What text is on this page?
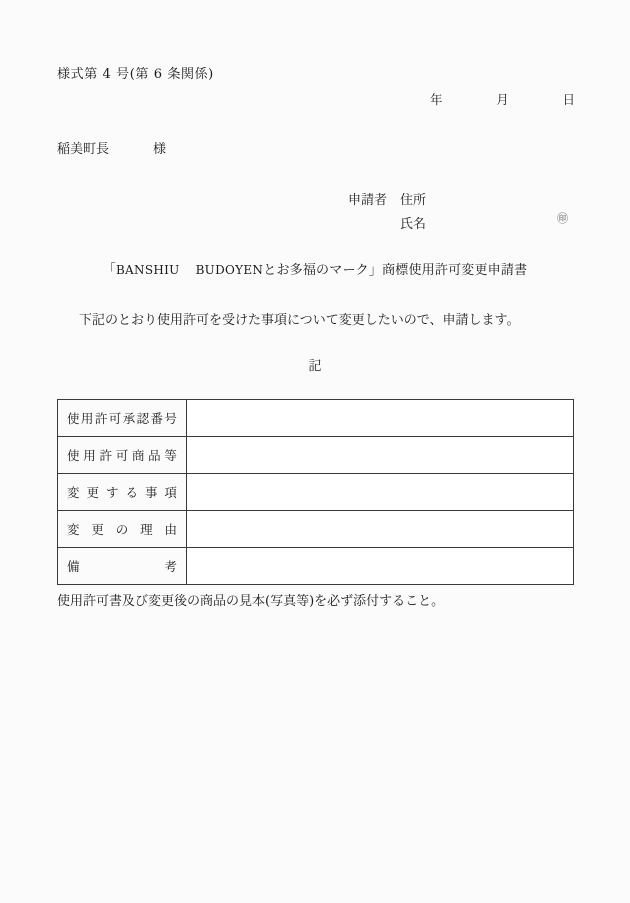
様式第 4 号(第 6 条関係)
年	月	日
稲美町長	様
申請者 住所
氏名	㊞
「BANSHIU BUDOYENとお多福のマーク」商標使用許可変更申請書
下記のとおり使用許可を受けた事項について変更したいので、申請します。
記
使 用 許 可 承 認 番 号

使 用 許 可 商 品 等

変 更 す る 事 項

変 更 の 理 由	

備 考	

使用許可書及び変更後の商品の見本(写真等)を必ず添付すること。
